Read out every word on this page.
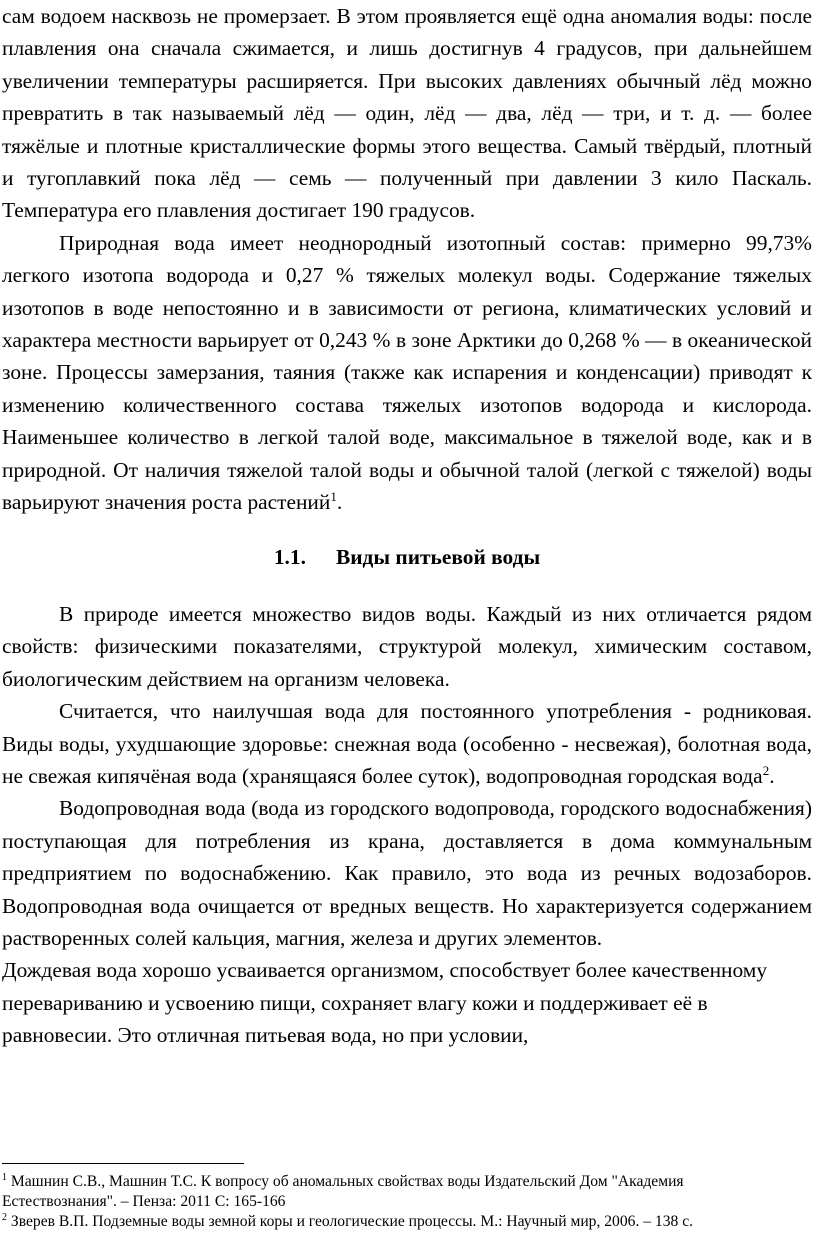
сам водоем насквозь не промерзает. В этом проявляется ещё одна аномалия воды: после плавления она сначала сжимается, и лишь достигнув 4 градусов, при дальнейшем увеличении температуры расширяется. При высоких давлениях обычный лёд можно превратить в так называемый лёд — один, лёд — два, лёд — три, и т. д. — более тяжёлые и плотные кристаллические формы этого вещества. Самый твёрдый, плотный и тугоплавкий пока лёд — семь — полученный при давлении 3 кило Паскаль. Температура его плавления достигает 190 градусов.

Природная вода имеет неоднородный изотопный состав: примерно 99,73% легкого изотопа водорода и 0,27 % тяжелых молекул воды. Содержание тяжелых изотопов в воде непостоянно и в зависимости от региона, климатических условий и характера местности варьирует от 0,243 % в зоне Арктики до 0,268 % — в океанической зоне. Процессы замерзания, таяния (также как испарения и конденсации) приводят к изменению количественного состава тяжелых изотопов водорода и кислорода. Наименьшее количество в легкой талой воде, максимальное в тяжелой воде, как и в природной. От наличия тяжелой талой воды и обычной талой (легкой с тяжелой) воды варьируют значения роста растений$^1$.

1.1. Виды питьевой воды

В природе имеется множество видов воды. Каждый из них отличается рядом свойств: физическими показателями, структурой молекул, химическим составом, биологическим действием на организм человека.

Считается, что наилучшая вода для постоянного употребления - родниковая. Виды воды, ухудшающие здоровье: снежная вода (особенно - несвежая), болотная вода, не свежая кипячёная вода (хранящаяся более суток), водопроводная городская вода$^2$.

Водопроводная вода (вода из городского водопровода, городского водоснабжения) поступающая для потребления из крана, доставляется в дома коммунальным предприятием по водоснабжению. Как правило, это вода из речных водозаборов. Водопроводная вода очищается от вредных веществ. Но характеризуется содержанием растворенных солей кальция, магния, железа и других элементов.

Дождевая вода хорошо усваивается организмом, способствует более качественному перевариванию и усвоению пищи, сохраняет влагу кожи и поддерживает её в равновесии. Это отличная питьевая вода, но при условии,

$^1$ Машнин С.В., Машнин Т.С. К вопросу об аномальных свойствах воды Издательский Дом "Академия Естествознания". – Пенза: 2011 С: 165-166

$^2$ Зверев В.П. Подземные воды земной коры и геологические процессы. М.: Научный мир, 2006. – 138 с.
